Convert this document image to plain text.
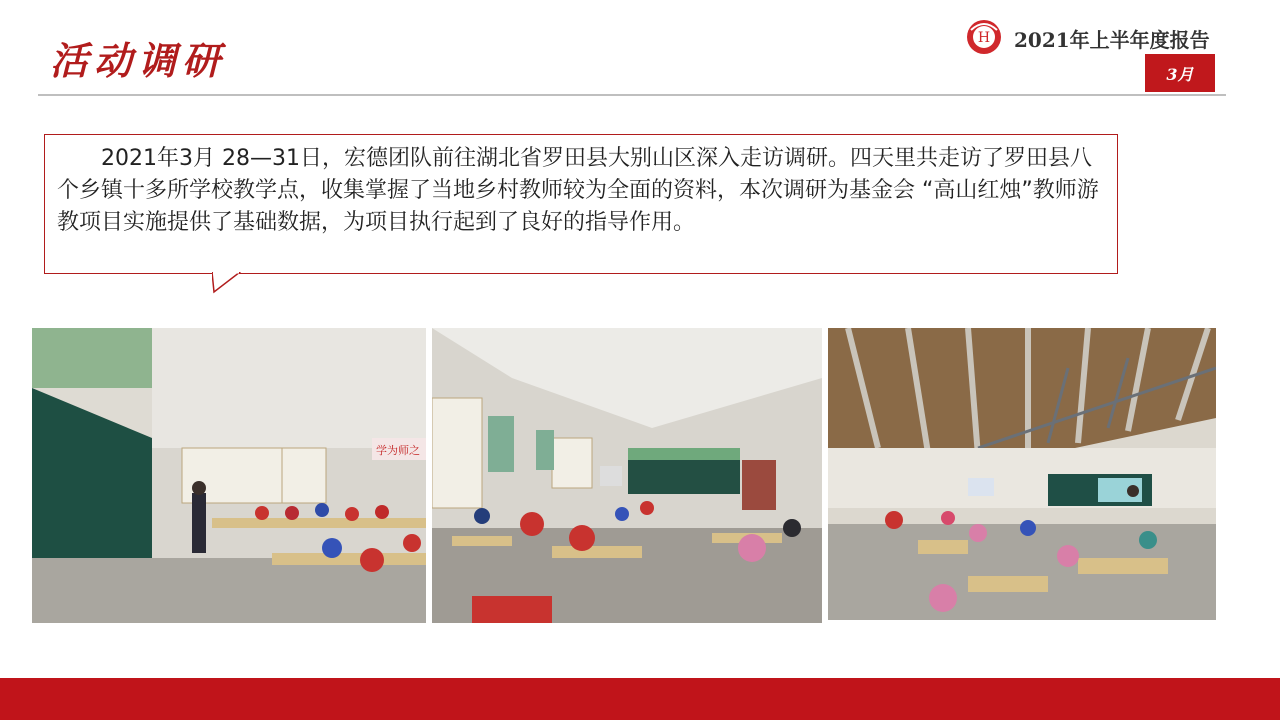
活动调研	H 2021年上半年度报告
3月
2021年3月 28—31日，宏德团队前往湖北省罗田县大别山区深入走访调研。四天里共走访了罗田县八个乡镇十多所学校教学点，收集掌握了当地乡村教师较为全面的资料，本次调研为基金会 “高山红烛”教师游教项目实施提供了基础数据，为项目执行起到了良好的指导作用。
学为师之
